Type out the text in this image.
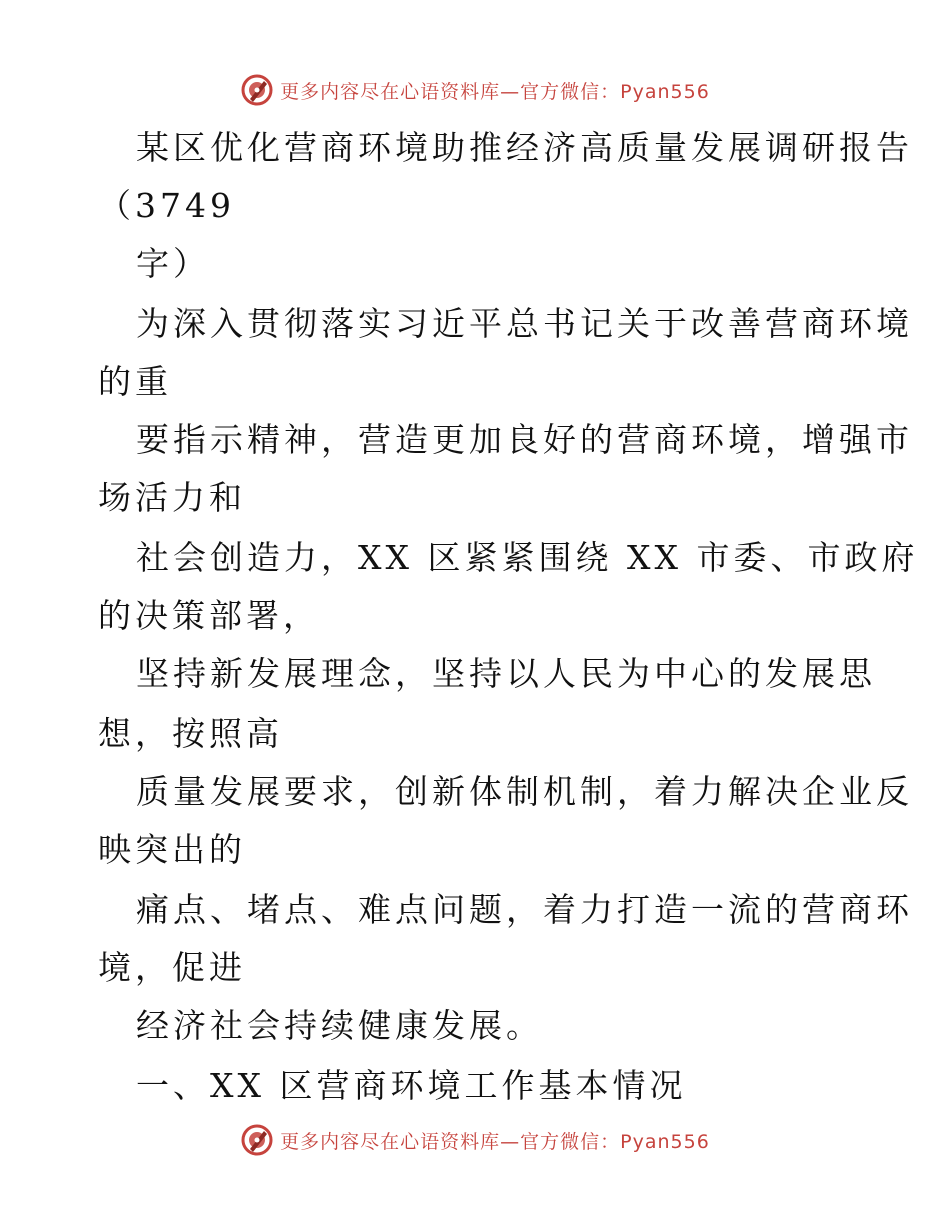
更多内容尽在心语资料库—官方微信：Pyan556
某区优化营商环境助推经济高质量发展调研报告
（3749
字）
为深入贯彻落实习近平总书记关于改善营商环境
的重
要指示精神，营造更加良好的营商环境，增强市
场活力和
社会创造力，XX 区紧紧围绕 XX 市委、市政府
的决策部署，
坚持新发展理念，坚持以人民为中心的发展思
想，按照高
质量发展要求，创新体制机制，着力解决企业反
映突出的
痛点、堵点、难点问题，着力打造一流的营商环
境，促进
经济社会持续健康发展。
一、XX 区营商环境工作基本情况
更多内容尽在心语资料库—官方微信：Pyan556
